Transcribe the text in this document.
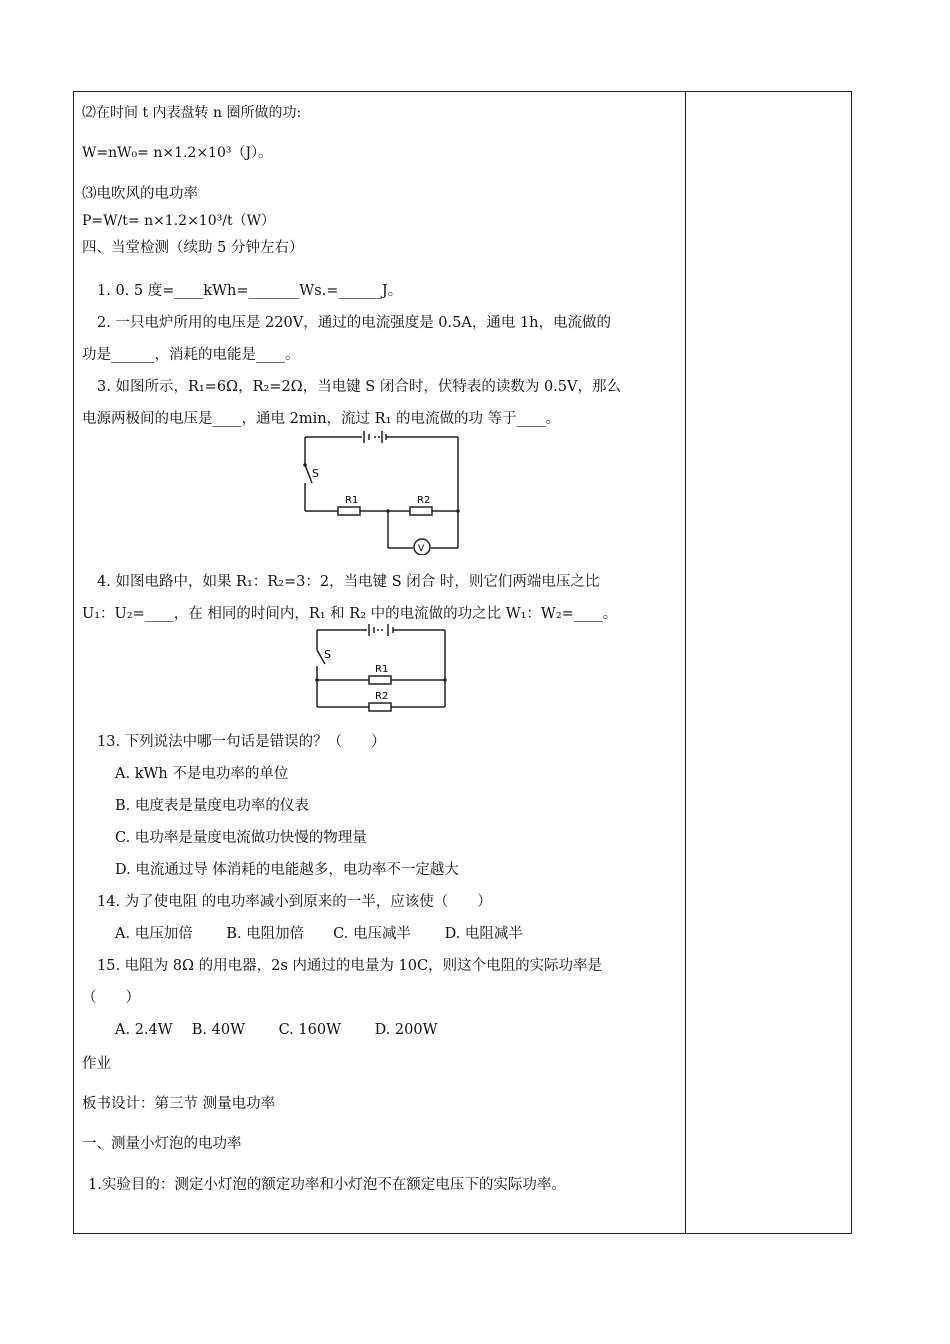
⑵在时间 t 内表盘转 n 圈所做的功:
W=nW₀= n×1.2×10³（J）。
⑶电吹风的电功率
P=W/t= n×1.2×10³/t（W）
四、当堂检测（续助 5 分钟左右）
1. 0. 5 度=____kWh=_______Ws.=______J。
2. 一只电炉所用的电压是 220V，通过的电流强度是 0.5A，通电 1h，电流做的
功是______，消耗的电能是____。
3. 如图所示，R₁=6Ω，R₂=2Ω，当电键 S 闭合时，伏特表的读数为 0.5V，那么
电源两极间的电压是____，通电 2min，流过 R₁ 的电流做的功 等于____。
4. 如图电路中，如果 R₁：R₂=3：2，当电键 S 闭合 时，则它们两端电压之比
U₁：U₂=____，在 相同的时间内，R₁ 和 R₂ 中的电流做的功之比 W₁：W₂=____。
13. 下列说法中哪一句话是错误的？（　　）
A. kWh 不是电功率的单位
B. 电度表是量度电功率的仪表
C. 电功率是量度电流做功快慢的物理量
D. 电流通过导 体消耗的电能越多，电功率不一定越大
14. 为了使电阻 的电功率减小到原来的一半，应该使（　　）
A. 电压加倍　　 B. 电阻加倍　　C. 电压减半　　 D. 电阻减半
15. 电阻为 8Ω 的用电器，2s 内通过的电量为 10C，则这个电阻的实际功率是
（　　）
A. 2.4W　 B. 40W　　 C. 160W　　 D. 200W
作业
板书设计：第三节 测量电功率
一、测量小灯泡的电功率
1.实验目的：测定小灯泡的额定功率和小灯泡不在额定电压下的实际功率。
S
R1	R2
V
S
R1
R2
